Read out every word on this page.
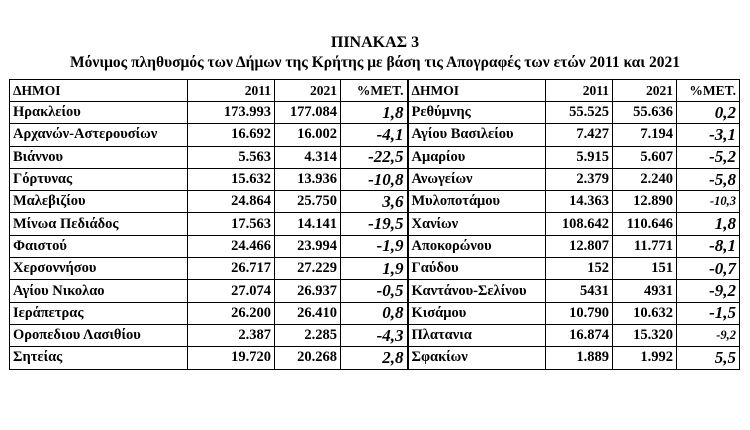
ΠΙΝΑΚΑΣ 3
Μόνιμος πληθυσμός των Δήμων της Κρήτης με βάση τις Απογραφές των ετών 2011 και 2021
ΔΗΜΟΙ	2011	2021	%ΜΕΤ.	ΔΗΜΟΙ	2011	2021	%ΜΕΤ.
Ηρακλείου	173.993	177.084	1,8	Ρεθύμνης	55.525	55.636	0,2
Αρχανών-Αστερουσίων	16.692	16.002	-4,1	Αγίου Βασιλείου	7.427	7.194	-3,1
Βιάννου	5.563	4.314	-22,5	Αμαρίου	5.915	5.607	-5,2
Γόρτυνας	15.632	13.936	-10,8	Ανωγείων	2.379	2.240	-5,8
Μαλεβιζίου	24.864	25.750	3,6	Μυλοποτάμου	14.363	12.890	-10,3
Μίνωα Πεδιάδος	17.563	14.141	-19,5	Χανίων	108.642	110.646	1,8
Φαιστού	24.466	23.994	-1,9	Αποκορώνου	12.807	11.771	-8,1
Χερσοννήσου	26.717	27.229	1,9	Γαύδου	152	151	-0,7
Αγίου Νικολαο	27.074	26.937	-0,5	Καντάνου-Σελίνου	5431	4931	-9,2
Ιεράπετρας	26.200	26.410	0,8	Κισάμου	10.790	10.632	-1,5
Οροπεδιου Λασιθίου	2.387	2.285	-4,3	Πλατανια	16.874	15.320	-9,2
Σητείας	19.720	20.268	2,8	Σφακίων	1.889	1.992	5,5
